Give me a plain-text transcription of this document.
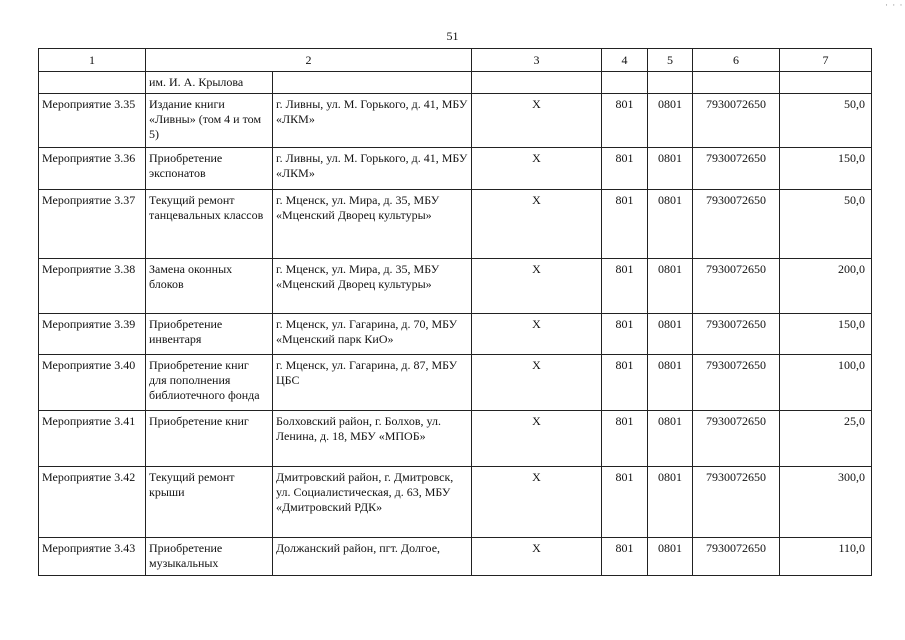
51
· · ·
1	2		3	4	5	6	7
	им. И. А. Крылова						
Мероприятие 3.35	Издание книги «Ливны» (том 4 и том 5)	г. Ливны, ул. М. Горького, д. 41, МБУ «ЛКМ»	Х	801	0801	7930072650	50,0
Мероприятие 3.36	Приобретение экспонатов	г. Ливны, ул. М. Горького, д. 41, МБУ «ЛКМ»	Х	801	0801	7930072650	150,0
Мероприятие 3.37	Текущий ремонт танцевальных классов	г. Мценск, ул. Мира, д. 35, МБУ «Мценский Дворец культуры»	Х	801	0801	7930072650	50,0
Мероприятие 3.38	Замена оконных блоков	г. Мценск, ул. Мира, д. 35, МБУ «Мценский Дворец культуры»	Х	801	0801	7930072650	200,0
Мероприятие 3.39	Приобретение инвентаря	г. Мценск, ул. Гагарина, д. 70, МБУ «Мценский парк КиО»	Х	801	0801	7930072650	150,0
Мероприятие 3.40	Приобретение книг для пополнения библиотечного фонда	г. Мценск, ул. Гагарина, д. 87, МБУ ЦБС	Х	801	0801	7930072650	100,0
Мероприятие 3.41	Приобретение книг	Болховский район, г. Болхов, ул. Ленина, д. 18, МБУ «МПОБ»	Х	801	0801	7930072650	25,0
Мероприятие 3.42	Текущий ремонт крыши	Дмитровский район, г. Дмитровск, ул. Социалистическая, д. 63, МБУ «Дмитровский РДК»	Х	801	0801	7930072650	300,0
Мероприятие 3.43	Приобретение музыкальных	Должанский район, пгт. Долгое,	Х	801	0801	7930072650	110,0
